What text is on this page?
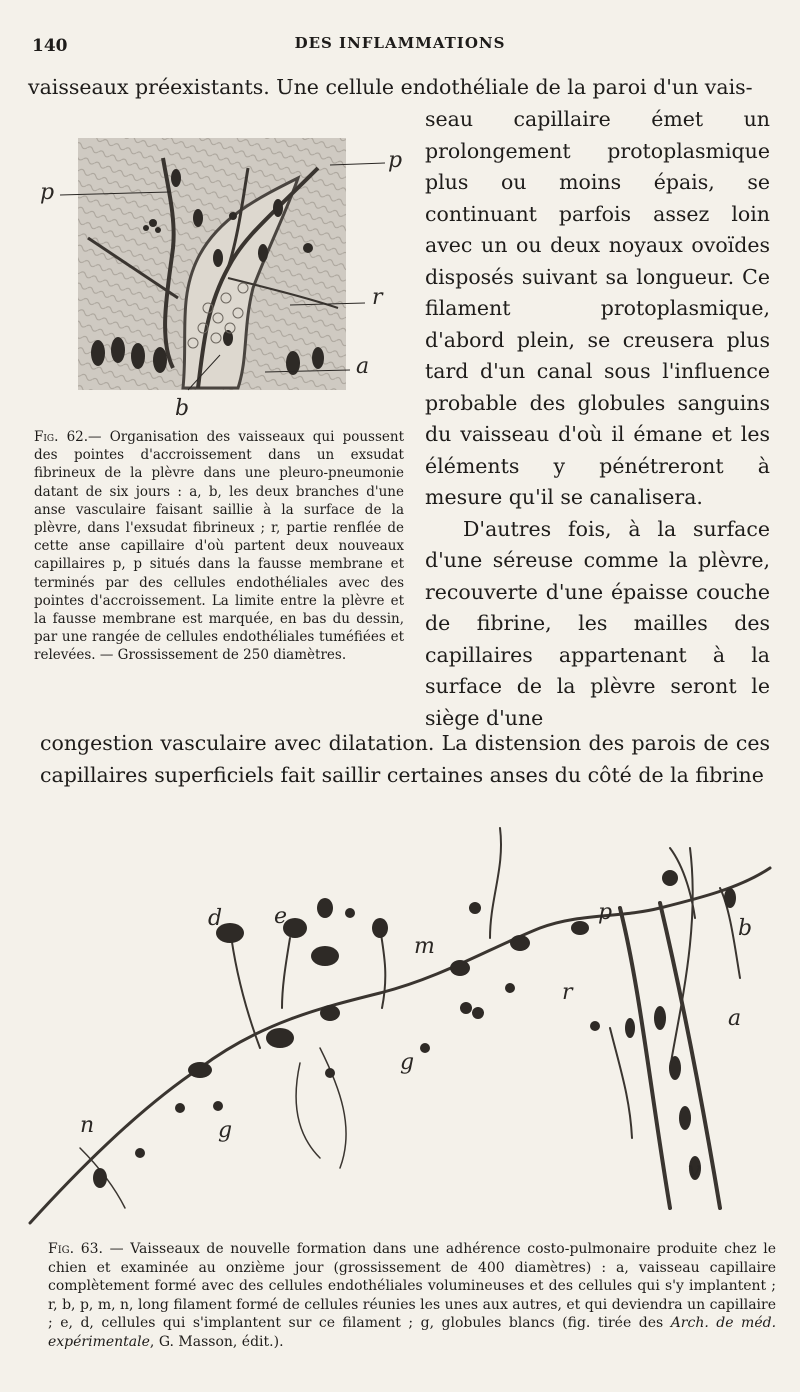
140	DES INFLAMMATIONS
vaisseaux préexistants. Une cellule endothéliale de la paroi d'un vais-
p
p
r
a
b
Fig. 62.— Organisation des vaisseaux qui poussent des pointes d'accroissement dans un exsudat fibrineux de la plèvre dans une pleuro-pneumonie datant de six jours : a, b, les deux branches d'une anse vasculaire faisant saillie à la surface de la plèvre, dans l'exsudat fibrineux ; r, partie renflée de cette anse capillaire d'où partent deux nouveaux capillaires p, p situés dans la fausse membrane et terminés par des cellules endothéliales avec des pointes d'accroissement. La limite entre la plèvre et la fausse membrane est marquée, en bas du dessin, par une rangée de cellules endothéliales tuméfiées et relevées. — Grossissement de 250 diamètres.

seau capillaire émet un prolongement protoplasmique plus ou moins épais, se continuant parfois assez loin avec un ou deux noyaux ovoïdes disposés suivant sa longueur. Ce filament protoplasmique, d'abord plein, se creusera plus tard d'un canal sous l'influence probable des globules sanguins du vaisseau d'où il émane et les éléments y pénétreront à mesure qu'il se canalisera.

D'autres fois, à la surface d'une séreuse comme la plèvre, recouverte d'une épaisse couche de fibrine, les mailles des capillaires appartenant à la surface de la plèvre seront le siège d'une

congestion vasculaire avec dilatation. La distension des parois de ces capillaires superficiels fait saillir certaines anses du côté de la fibrine
d e
m
p
b
r
a
g
g
n
v
Fig. 63. — Vaisseaux de nouvelle formation dans une adhérence costo-pulmonaire produite chez le chien et examinée au onzième jour (grossissement de 400 diamètres) : a, vaisseau capillaire complètement formé avec des cellules endothéliales volumineuses et des cellules qui s'y implantent ; r, b, p, m, n, long filament formé de cellules réunies les unes aux autres, et qui deviendra un capillaire ; e, d, cellules qui s'implantent sur ce filament ; g, globules blancs (fig. tirée des Arch. de méd. expérimentale, G. Masson, édit.).
